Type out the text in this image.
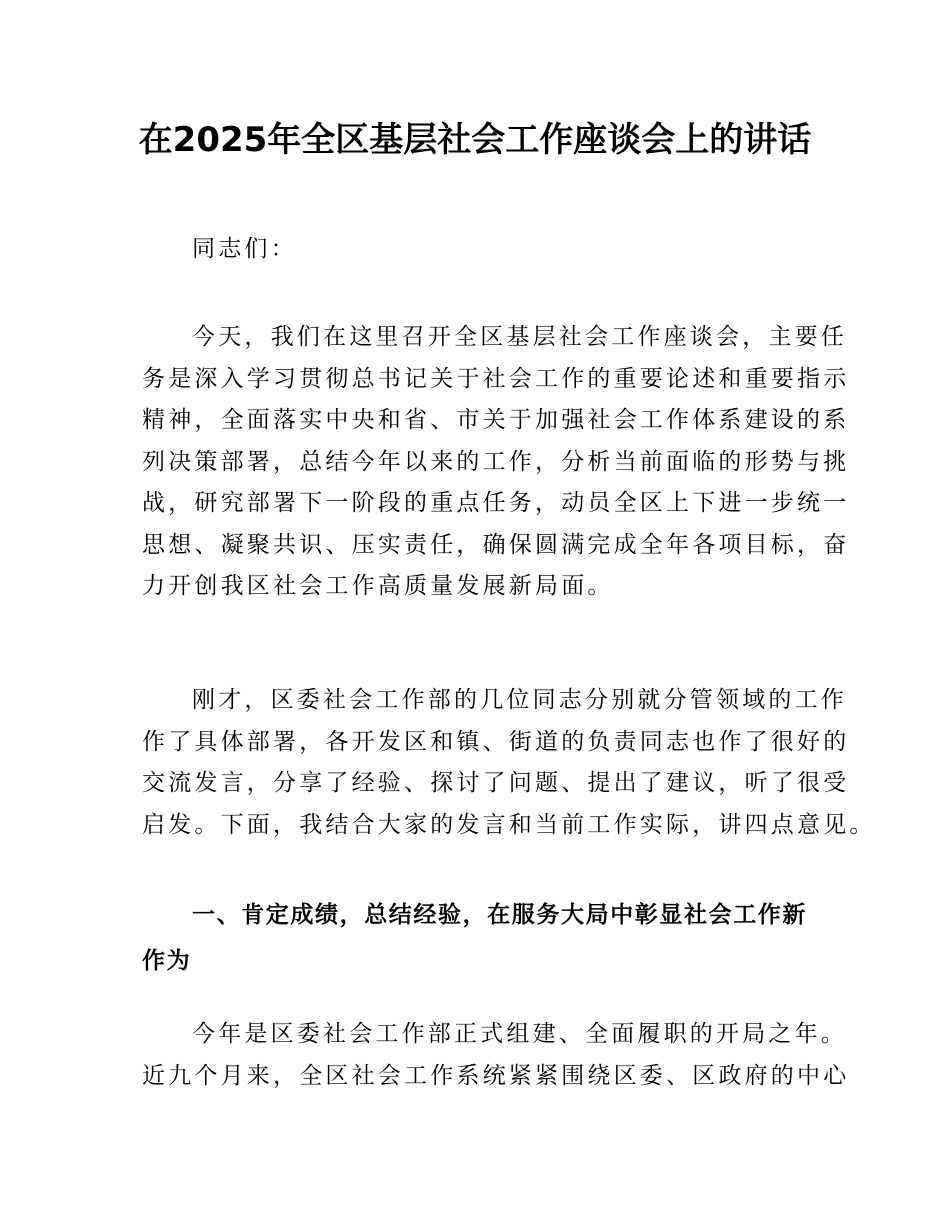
在2025年全区基层社会工作座谈会上的讲话
同志们：
今天，我们在这里召开全区基层社会工作座谈会，主要任
务是深入学习贯彻总书记关于社会工作的重要论述和重要指示
精神，全面落实中央和省、市关于加强社会工作体系建设的系
列决策部署，总结今年以来的工作，分析当前面临的形势与挑
战，研究部署下一阶段的重点任务，动员全区上下进一步统一
思想、凝聚共识、压实责任，确保圆满完成全年各项目标，奋
力开创我区社会工作高质量发展新局面。
刚才，区委社会工作部的几位同志分别就分管领域的工作
作了具体部署，各开发区和镇、街道的负责同志也作了很好的
交流发言，分享了经验、探讨了问题、提出了建议，听了很受
启发。下面，我结合大家的发言和当前工作实际，讲四点意见。
一、肯定成绩，总结经验，在服务大局中彰显社会工作新
作为
今年是区委社会工作部正式组建、全面履职的开局之年。
近九个月来，全区社会工作系统紧紧围绕区委、区政府的中心
